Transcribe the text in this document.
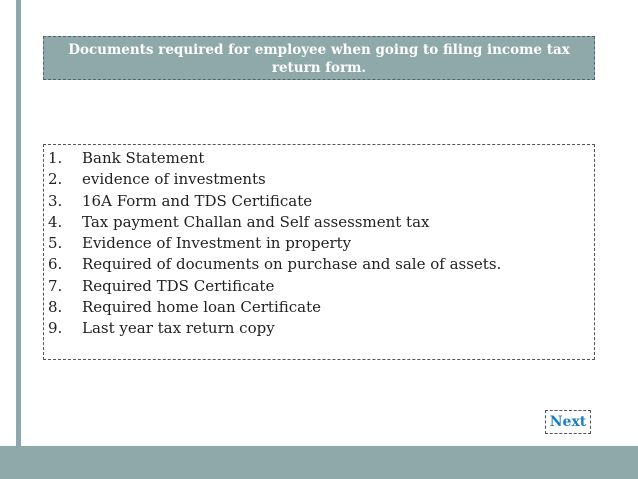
Documents required for employee when going to filing income tax return form.
1.	Bank Statement
2.	evidence of investments
3.	16A Form and TDS Certificate
4.	Tax payment Challan and Self assessment tax
5.	Evidence of Investment in property
6.	Required of documents on purchase and sale of assets.
7.	Required TDS Certificate
8.	Required home loan Certificate
9.	Last year tax return copy
Next
